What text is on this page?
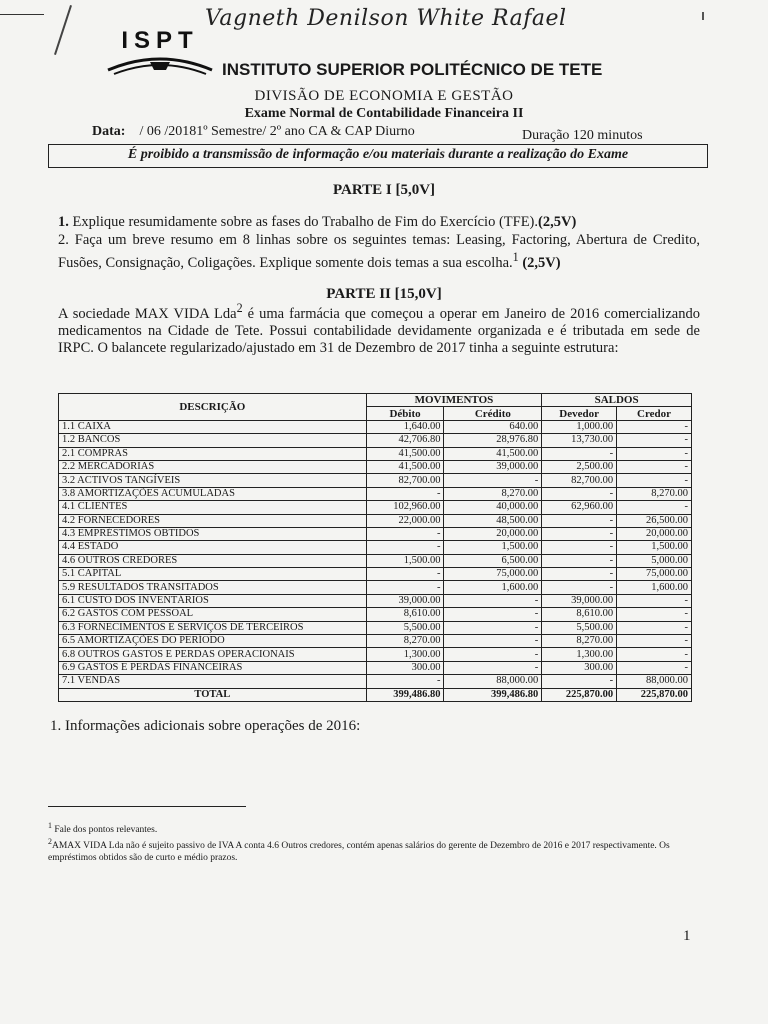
Vagneth Denilson White Rafael
ISPT
INSTITUTO SUPERIOR POLITÉCNICO DE TETE
DIVISÃO DE ECONOMIA E GESTÃO
Exame Normal de Contabilidade Financeira II
Data: / 06 /20181º Semestre/ 2º ano CA & CAP Diurno	Duração 120 minutos
É proibido a transmissão de informação e/ou materiais durante a realização do Exame
PARTE I [5,0V]
1. Explique resumidamente sobre as fases do Trabalho de Fim do Exercício (TFE).(2,5V)
2. Faça um breve resumo em 8 linhas sobre os seguintes temas: Leasing, Factoring, Abertura de Credito, Fusões, Consignação, Coligações. Explique somente dois temas a sua escolha.$^1$ (2,5V)
PARTE II [15,0V]
A sociedade MAX VIDA Lda$^2$ é uma farmácia que começou a operar em Janeiro de 2016 comercializando medicamentos na Cidade de Tete. Possui contabilidade devidamente organizada e é tributada em sede de IRPC. O balancete regularizado/ajustado em 31 de Dezembro de 2017 tinha a seguinte estrutura:
DESCRIÇÃO	MOVIMENTOS		SALDOS	
	Débito	Crédito	Devedor	Credor
1.1 CAIXA	1,640.00	640.00	1,000.00	-
1.2 BANCOS	42,706.80	28,976.80	13,730.00	-
2.1 COMPRAS	41,500.00	41,500.00	-	-
2.2 MERCADORIAS	41,500.00	39,000.00	2,500.00	-
3.2 ACTIVOS TANGÍVEIS	82,700.00	-	82,700.00	-
3.8 AMORTIZAÇÕES ACUMULADAS	-	8,270.00	-	8,270.00
4.1 CLIENTES	102,960.00	40,000.00	62,960.00	-
4.2 FORNECEDORES	22,000.00	48,500.00	-	26,500.00
4.3 EMPRÉSTIMOS OBTIDOS	-	20,000.00	-	20,000.00
4.4 ESTADO	-	1,500.00	-	1,500.00
4.6 OUTROS CREDORES	1,500.00	6,500.00	-	5,000.00
5.1 CAPITAL	-	75,000.00	-	75,000.00
5.9 RESULTADOS TRANSITADOS	-	1,600.00	-	1,600.00
6.1 CUSTO DOS INVENTÁRIOS	39,000.00	-	39,000.00	-
6.2 GASTOS COM PESSOAL	8,610.00	-	8,610.00	-
6.3 FORNECIMENTOS E SERVIÇOS DE TERCEIROS	5,500.00	-	5,500.00	-
6.5 AMORTIZAÇÕES DO PERÍODO	8,270.00	-	8,270.00	-
6.8 OUTROS GASTOS E PERDAS OPERACIONAIS	1,300.00	-	1,300.00	-
6.9 GASTOS E PERDAS FINANCEIRAS	300.00	-	300.00	-
7.1 VENDAS	-	88,000.00	-	88,000.00
TOTAL	399,486.80	399,486.80	225,870.00	225,870.00
1. Informações adicionais sobre operações de 2016:
$^1$ Fale dos pontos relevantes.
$^2$AMAX VIDA Lda não é sujeito passivo de IVA A conta 4.6 Outros credores, contém apenas salários do gerente de Dezembro de 2016 e 2017 respectivamente. Os empréstimos obtidos são de curto e médio prazos.
1
